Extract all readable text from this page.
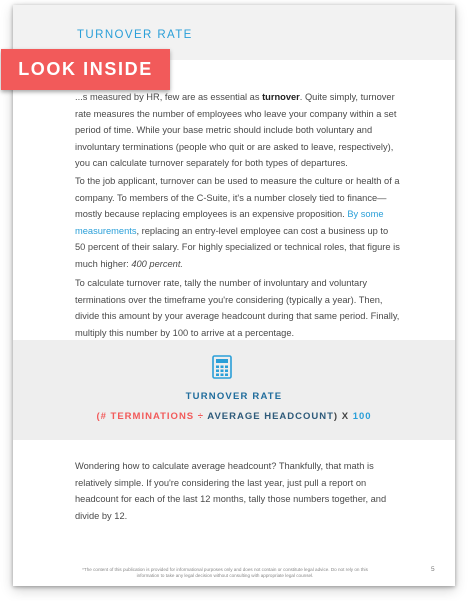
TURNOVER RATE

...s measured by HR, few are as essential as turnover. Quite simply, turnover rate measures the number of employees who leave your company within a set period of time. While your base metric should include both voluntary and involuntary terminations (people who quit or are asked to leave, respectively), you can calculate turnover separately for both types of departures.

To the job applicant, turnover can be used to measure the culture or health of a company. To members of the C-Suite, it's a number closely tied to finance—mostly because replacing employees is an expensive proposition. By some measurements, replacing an entry-level employee can cost a business up to 50 percent of their salary. For highly specialized or technical roles, that figure is much higher: 400 percent.

To calculate turnover rate, tally the number of involuntary and voluntary terminations over the timeframe you're considering (typically a year). Then, divide this amount by your average headcount during that same period. Finally, multiply this number by 100 to arrive at a percentage.

TURNOVER RATE
(# TERMINATIONS ÷ AVERAGE HEADCOUNT) X 100

Wondering how to calculate average headcount? Thankfully, that math is relatively simple. If you're considering the last year, just pull a report on headcount for each of the last 12 months, tally those numbers together, and divide by 12.

*The content of this publication is provided for informational purposes only and does not contain or constitute legal advice. Do not rely on this information to take any legal decision without consulting with appropriate legal counsel.
5
LOOK INSIDE
